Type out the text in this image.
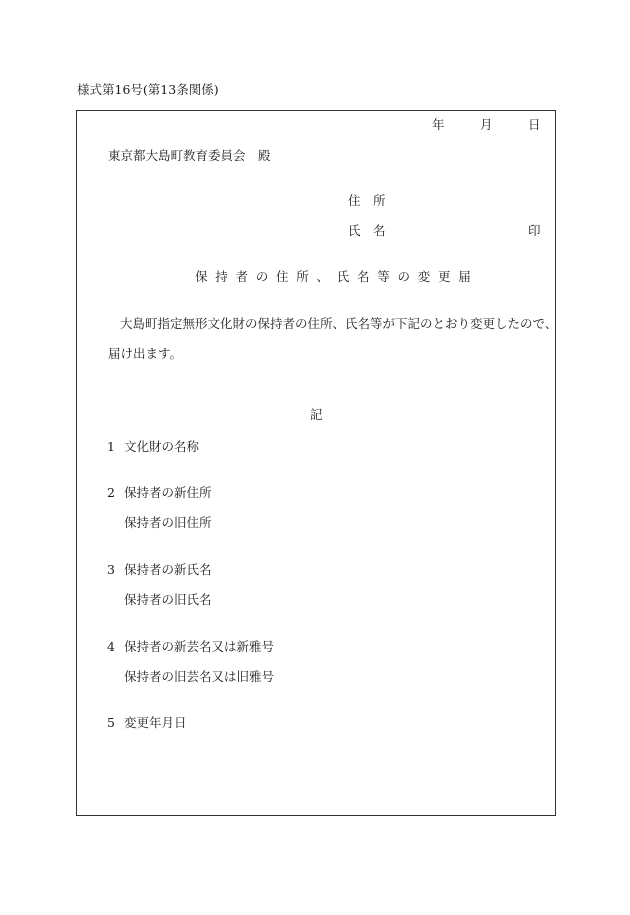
様式第16号(第13条関係)
年	月	日
東京都大島町教育委員会 殿
住　所
氏　名	印
保持者の住所、氏名等の変更届
大島町指定無形文化財の保持者の住所、氏名等が下記のとおり変更したので、
届け出ます。
記
1 文化財の名称
2 保持者の新住所
保持者の旧住所
3 保持者の新氏名
保持者の旧氏名
4 保持者の新芸名又は新雅号
保持者の旧芸名又は旧雅号
5 変更年月日
